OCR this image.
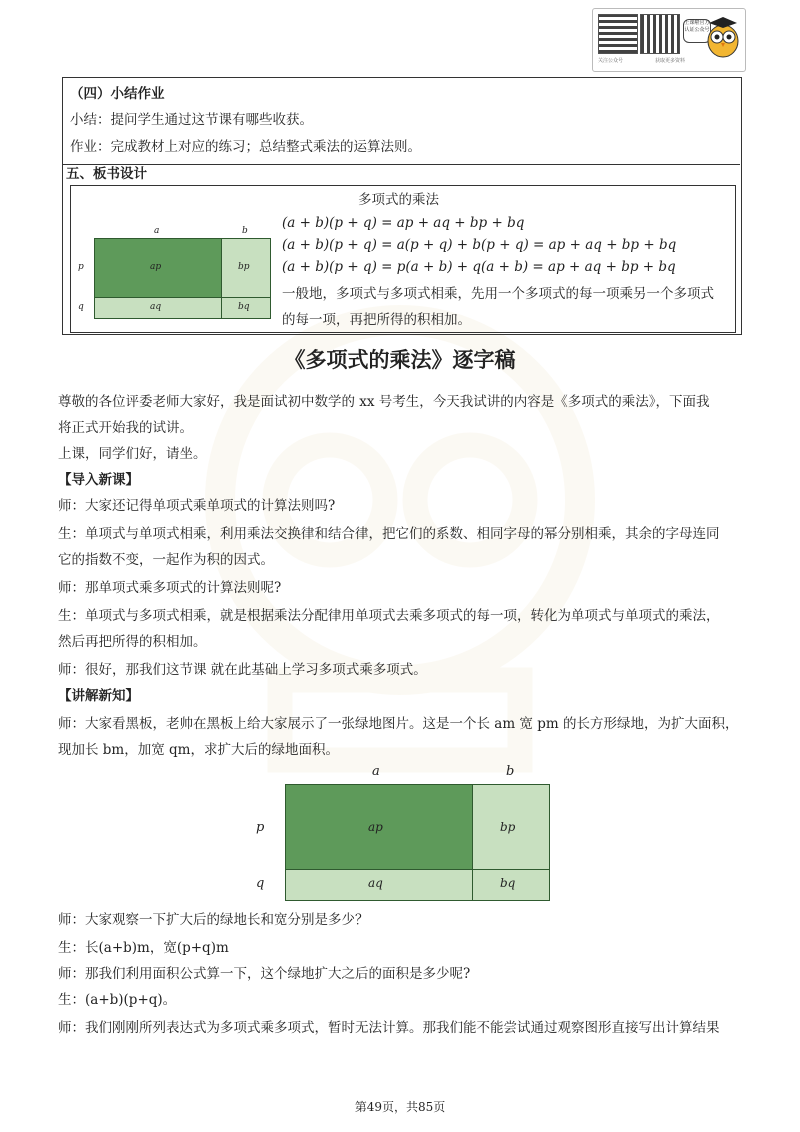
上课啦官方认证公众号
关注公众号	获取更多资料
（四）小结作业
小结：提问学生通过这节课有哪些收获。
作业：完成教材上对应的练习；总结整式乘法的运算法则。
五、板书设计
多项式的乘法
(a + b)(p + q) = ap + aq + bp + bq
(a + b)(p + q) = a(p + q) + b(p + q) = ap + aq + bp + bq
(a + b)(p + q) = p(a + b) + q(a + b) = ap + aq + bp + bq
一般地，多项式与多项式相乘，先用一个多项式的每一项乘另一个多项式
的每一项，再把所得的积相加。
a	b
p
q
ap	bp
aq	bq
《多项式的乘法》逐字稿
尊敬的各位评委老师大家好，我是面试初中数学的 xx 号考生，今天我试讲的内容是《多项式的乘法》，下面我
将正式开始我的试讲。
上课，同学们好，请坐。
【导入新课】
师：大家还记得单项式乘单项式的计算法则吗?
生：单项式与单项式相乘，利用乘法交换律和结合律，把它们的系数、相同字母的幂分别相乘，其余的字母连同
它的指数不变，一起作为积的因式。
师：那单项式乘多项式的计算法则呢?
生：单项式与多项式相乘，就是根据乘法分配律用单项式去乘多项式的每一项，转化为单项式与单项式的乘法，
然后再把所得的积相加。
师：很好，那我们这节课 就在此基础上学习多项式乘多项式。
【讲解新知】
师：大家看黑板，老帅在黑板上给大家展示了一张绿地图片。这是一个长 am 宽 pm 的长方形绿地，为扩大面积，
现加长 bm，加宽 qm，求扩大后的绿地面积。
a	b
p
q
ap	bp
aq	bq
师：大家观察一下扩大后的绿地长和宽分别是多少？
生：长(a+b)m，宽(p+q)m
师：那我们利用面积公式算一下，这个绿地扩大之后的面积是多少呢?
生：(a+b)(p+q)。
师：我们刚刚所列表达式为多项式乘多项式，暂时无法计算。那我们能不能尝试通过观察图形直接写出计算结果
第49页，共85页
